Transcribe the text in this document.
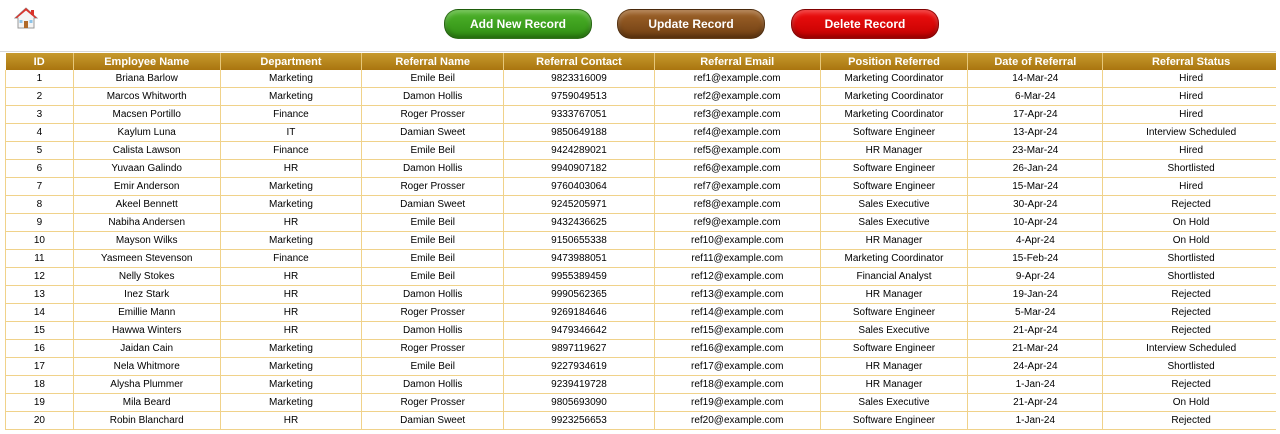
Add New Record	Update Record	Delete Record
ID	Employee Name	Department	Referral Name	Referral Contact	Referral Email	Position Referred	Date of Referral	Referral Status
1	Briana Barlow	Marketing	Emile Beil	9823316009	ref1@example.com	Marketing Coordinator	14-Mar-24	Hired
2	Marcos Whitworth	Marketing	Damon Hollis	9759049513	ref2@example.com	Marketing Coordinator	6-Mar-24	Hired
3	Macsen Portillo	Finance	Roger Prosser	9333767051	ref3@example.com	Marketing Coordinator	17-Apr-24	Hired
4	Kaylum Luna	IT	Damian Sweet	9850649188	ref4@example.com	Software Engineer	13-Apr-24	Interview Scheduled
5	Calista Lawson	Finance	Emile Beil	9424289021	ref5@example.com	HR Manager	23-Mar-24	Hired
6	Yuvaan Galindo	HR	Damon Hollis	9940907182	ref6@example.com	Software Engineer	26-Jan-24	Shortlisted
7	Emir Anderson	Marketing	Roger Prosser	9760403064	ref7@example.com	Software Engineer	15-Mar-24	Hired
8	Akeel Bennett	Marketing	Damian Sweet	9245205971	ref8@example.com	Sales Executive	30-Apr-24	Rejected
9	Nabiha Andersen	HR	Emile Beil	9432436625	ref9@example.com	Sales Executive	10-Apr-24	On Hold
10	Mayson Wilks	Marketing	Emile Beil	9150655338	ref10@example.com	HR Manager	4-Apr-24	On Hold
11	Yasmeen Stevenson	Finance	Emile Beil	9473988051	ref11@example.com	Marketing Coordinator	15-Feb-24	Shortlisted
12	Nelly Stokes	HR	Emile Beil	9955389459	ref12@example.com	Financial Analyst	9-Apr-24	Shortlisted
13	Inez Stark	HR	Damon Hollis	9990562365	ref13@example.com	HR Manager	19-Jan-24	Rejected
14	Emillie Mann	HR	Roger Prosser	9269184646	ref14@example.com	Software Engineer	5-Mar-24	Rejected
15	Hawwa Winters	HR	Damon Hollis	9479346642	ref15@example.com	Sales Executive	21-Apr-24	Rejected
16	Jaidan Cain	Marketing	Roger Prosser	9897119627	ref16@example.com	Software Engineer	21-Mar-24	Interview Scheduled
17	Nela Whitmore	Marketing	Emile Beil	9227934619	ref17@example.com	HR Manager	24-Apr-24	Shortlisted
18	Alysha Plummer	Marketing	Damon Hollis	9239419728	ref18@example.com	HR Manager	1-Jan-24	Rejected
19	Mila Beard	Marketing	Roger Prosser	9805693090	ref19@example.com	Sales Executive	21-Apr-24	On Hold
20	Robin Blanchard	HR	Damian Sweet	9923256653	ref20@example.com	Software Engineer	1-Jan-24	Rejected
